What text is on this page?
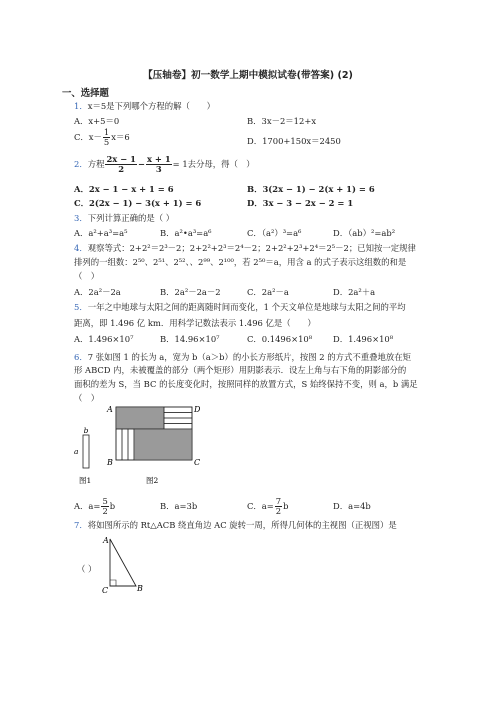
【压轴卷】初一数学上期中模拟试卷(带答案) (2)
一、选择题
1．x＝5是下列哪个方程的解（　　）
A．x+5＝0	B．3x－2＝12+x
C．$x- \frac{1}{5} x=6$	D．1700+150x＝2450
2．方程 $\frac{2x - 1}{2} - \frac{x + 1}{3} = 1$去分母，得（　）
A．2x − 1 − x + 1 = 6	B．3(2x − 1) − 2(x + 1) = 6
C．2(2x − 1) − 3(x + 1) = 6	D．3x − 3 − 2x − 2 = 1
3．下列计算正确的是（ ）
A．a²+a³=a⁵	B．a²•a³=a⁶	C．（a²）³=a⁶	D．（ab）²=ab²
4．观察等式：2+2²＝2³－2；2+2²+2³＝2⁴－2；2+2²+2³+2⁴＝2⁵－2；已知按一定规律
排列的一组数：2⁵⁰、2⁵¹、2⁵²、、2⁹⁹、2¹⁰⁰，若 2⁵⁰＝a，用含 a 的式子表示这组数的和是
（　）
A．2a²－2a	B．2a²－2a－2	C．2a²－a	D．2a²＋a
5．一年之中地球与太阳之间的距离随时间而变化，1 个天文单位是地球与太阳之间的平均
距离，即 1.496 亿 km．用科学记数法表示 1.496 亿是（　　）
A．1.496×10⁷	B．14.96×10⁷	C．0.1496×10⁸ D．1.496×10⁸
6．7 张如图 1 的长为 a，宽为 b（a＞b）的小长方形纸片，按图 2 的方式不重叠地放在矩
形 ABCD 内，未被覆盖的部分（两个矩形）用阴影表示．设左上角与右下角的阴影部分的
面积的差为 S，当 BC 的长度变化时，按照同样的放置方式，S 始终保持不变，则 a，b 满足
（　）
b
a
A	D
B	C
图1	图2
A．$a= \frac{5}{2}$ b	B．a=3b	C．$a= \frac{7}{2}$ b	D．a=4b
7．将如图所示的 Rt△ACB 绕直角边 AC 旋转一周，所得几何体的主视图（正视图）是
（ ）
A
C	B
